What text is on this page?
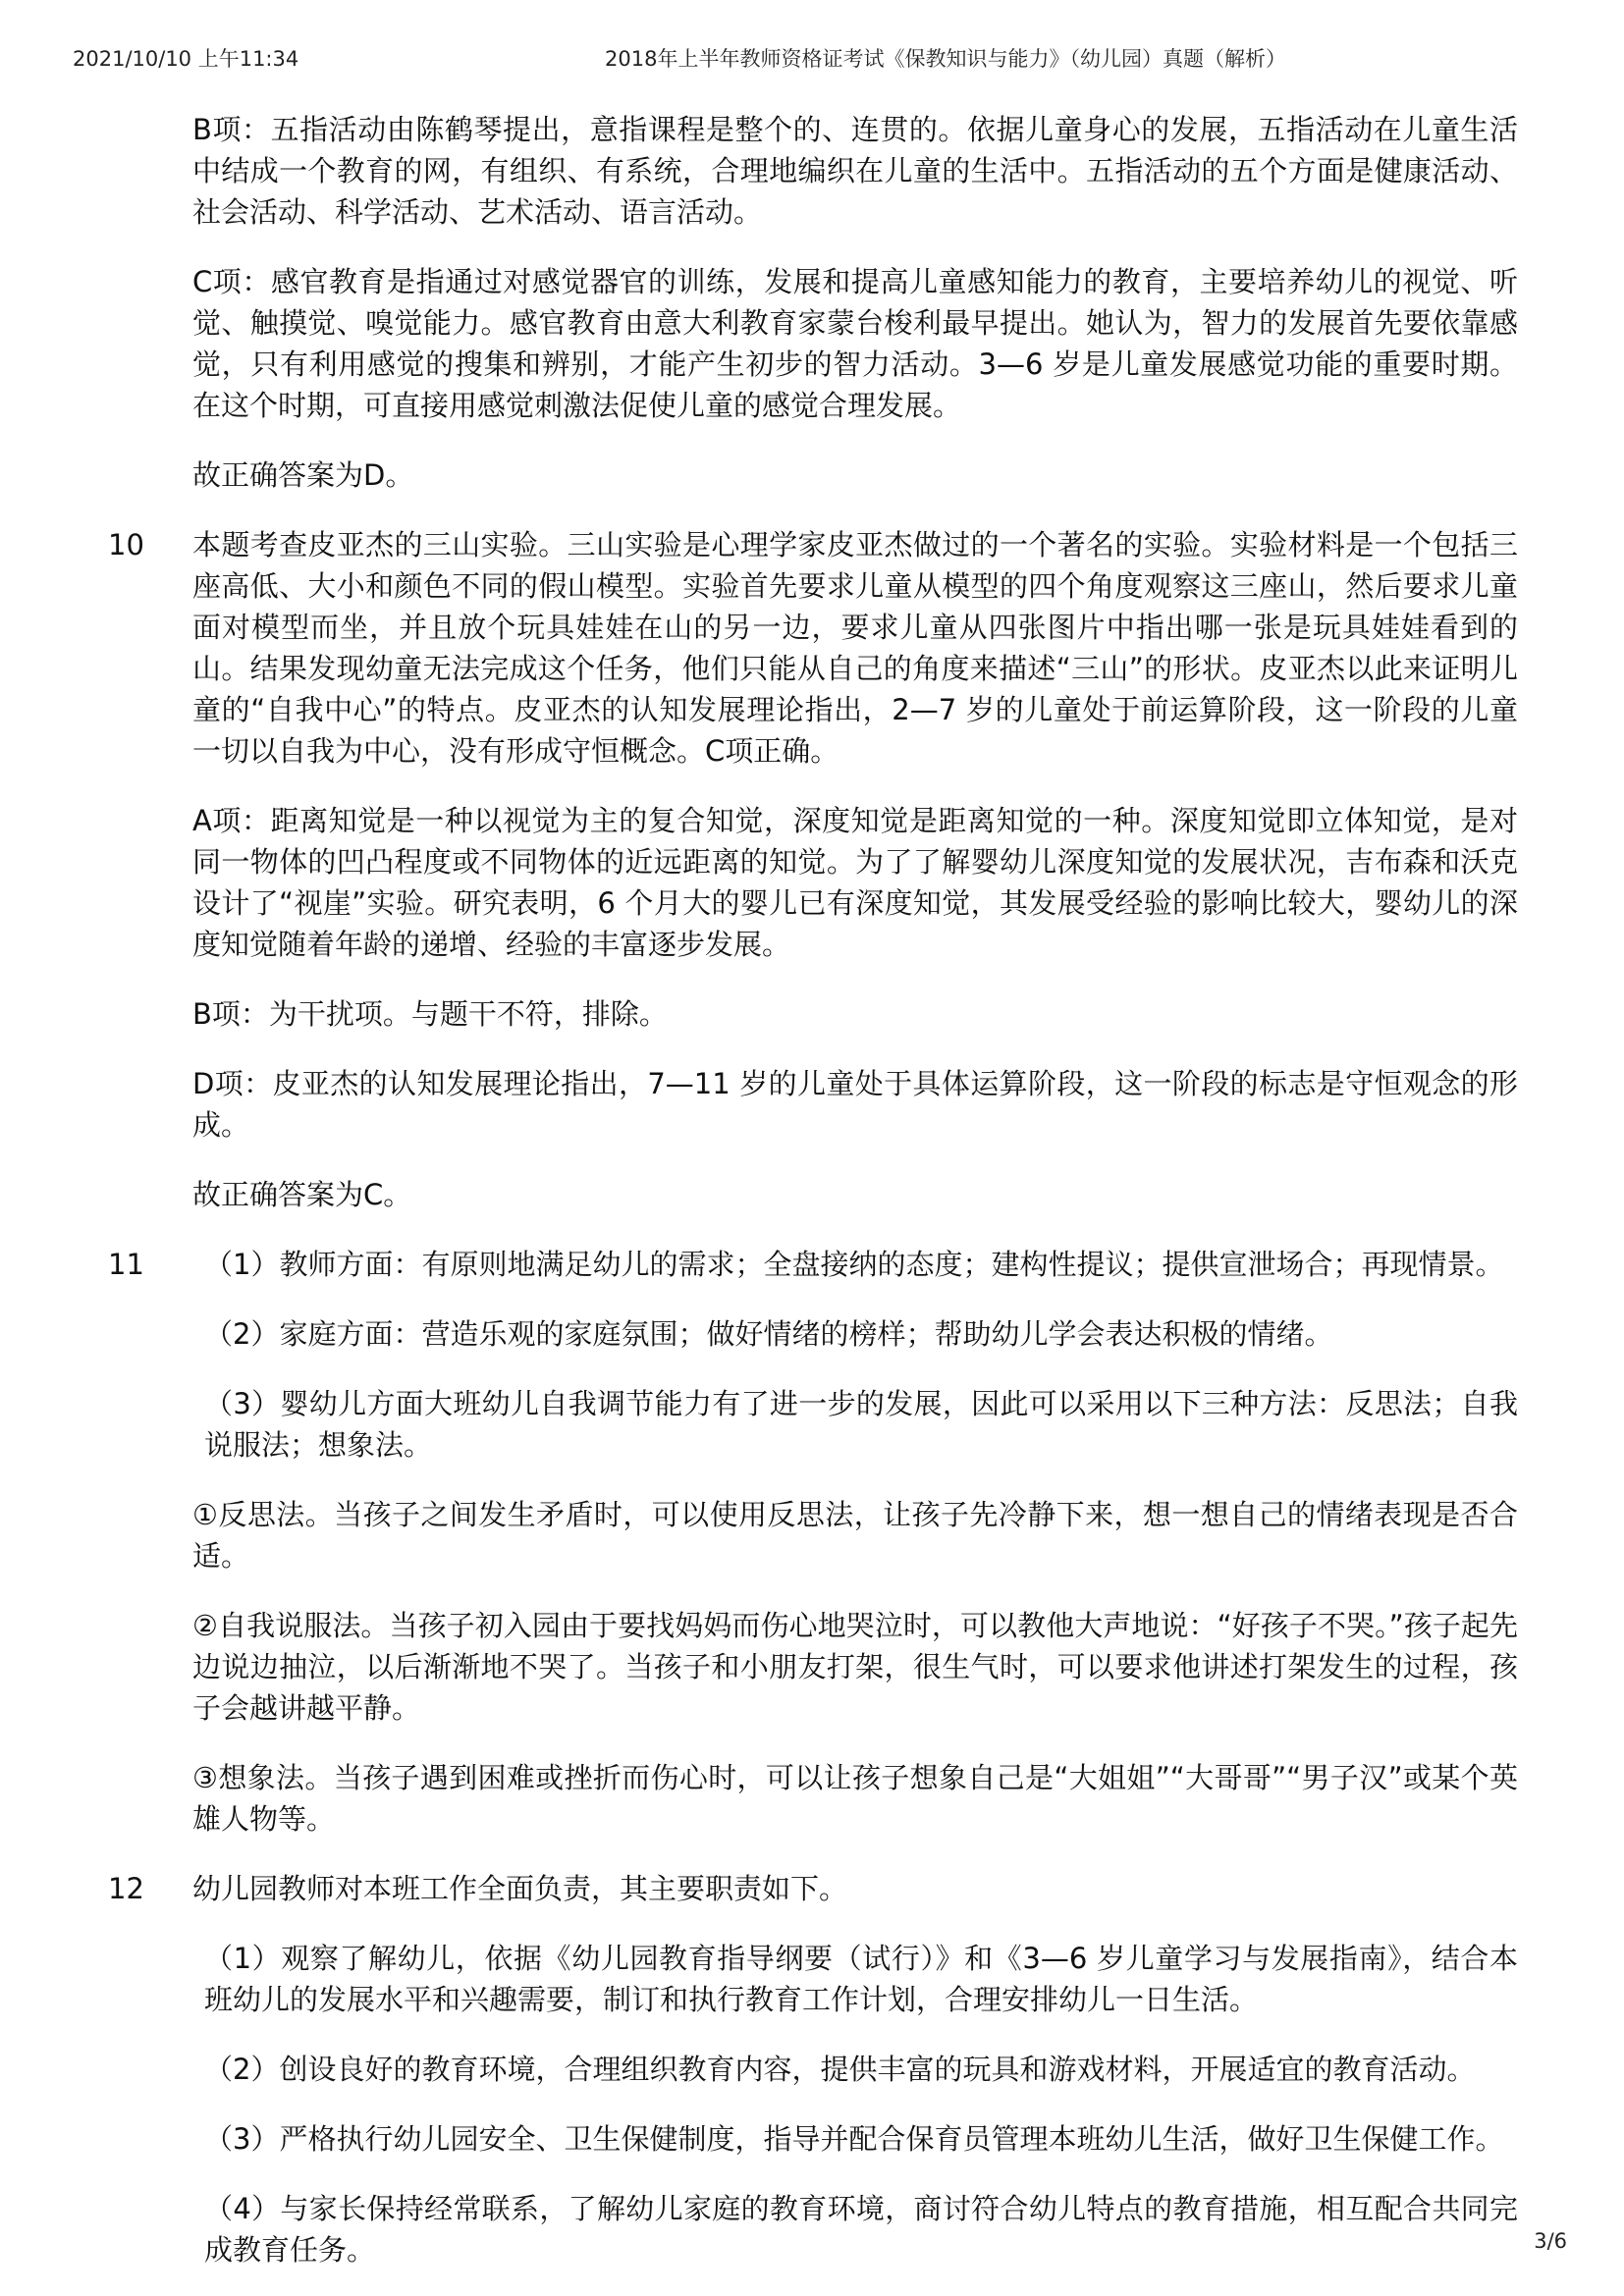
2021/10/10 上午11:34	2018年上半年教师资格证考试《保教知识与能力》（幼儿园）真题（解析）

B项：五指活动由陈鹤琴提出，意指课程是整个的、连贯的。依据儿童身心的发展，五指活动在儿童生活中结成一个教育的网，有组织、有系统，合理地编织在儿童的生活中。五指活动的五个方面是健康活动、社会活动、科学活动、艺术活动、语言活动。

C项：感官教育是指通过对感觉器官的训练，发展和提高儿童感知能力的教育，主要培养幼儿的视觉、听觉、触摸觉、嗅觉能力。感官教育由意大利教育家蒙台梭利最早提出。她认为，智力的发展首先要依靠感觉，只有利用感觉的搜集和辨别，才能产生初步的智力活动。3—6 岁是儿童发展感觉功能的重要时期。在这个时期，可直接用感觉刺激法促使儿童的感觉合理发展。

故正确答案为D。

10 本题考查皮亚杰的三山实验。三山实验是心理学家皮亚杰做过的一个著名的实验。实验材料是一个包括三座高低、大小和颜色不同的假山模型。实验首先要求儿童从模型的四个角度观察这三座山，然后要求儿童面对模型而坐，并且放个玩具娃娃在山的另一边，要求儿童从四张图片中指出哪一张是玩具娃娃看到的山。结果发现幼童无法完成这个任务，他们只能从自己的角度来描述“三山”的形状。皮亚杰以此来证明儿童的“自我中心”的特点。皮亚杰的认知发展理论指出，2—7 岁的儿童处于前运算阶段，这一阶段的儿童一切以自我为中心，没有形成守恒概念。C项正确。

A项：距离知觉是一种以视觉为主的复合知觉，深度知觉是距离知觉的一种。深度知觉即立体知觉，是对同一物体的凹凸程度或不同物体的近远距离的知觉。为了了解婴幼儿深度知觉的发展状况，吉布森和沃克设计了“视崖”实验。研究表明，6 个月大的婴儿已有深度知觉，其发展受经验的影响比较大，婴幼儿的深度知觉随着年龄的递增、经验的丰富逐步发展。

B项：为干扰项。与题干不符，排除。

D项：皮亚杰的认知发展理论指出，7—11 岁的儿童处于具体运算阶段，这一阶段的标志是守恒观念的形成。

故正确答案为C。

11	（1）教师方面：有原则地满足幼儿的需求；全盘接纳的态度；建构性提议；提供宣泄场合；再现情景。

（2）家庭方面：营造乐观的家庭氛围；做好情绪的榜样；帮助幼儿学会表达积极的情绪。

（3）婴幼儿方面大班幼儿自我调节能力有了进一步的发展，因此可以采用以下三种方法：反思法；自我说服法；想象法。

①反思法。当孩子之间发生矛盾时，可以使用反思法，让孩子先冷静下来，想一想自己的情绪表现是否合适。

②自我说服法。当孩子初入园由于要找妈妈而伤心地哭泣时，可以教他大声地说：“好孩子不哭。”孩子起先边说边抽泣，以后渐渐地不哭了。当孩子和小朋友打架，很生气时，可以要求他讲述打架发生的过程，孩子会越讲越平静。

③想象法。当孩子遇到困难或挫折而伤心时，可以让孩子想象自己是“大姐姐”“大哥哥”“男子汉”或某个英雄人物等。

12 幼儿园教师对本班工作全面负责，其主要职责如下。

（1）观察了解幼儿，依据《幼儿园教育指导纲要（试行）》和《3—6 岁儿童学习与发展指南》，结合本班幼儿的发展水平和兴趣需要，制订和执行教育工作计划，合理安排幼儿一日生活。

（2）创设良好的教育环境，合理组织教育内容，提供丰富的玩具和游戏材料，开展适宜的教育活动。

（3）严格执行幼儿园安全、卫生保健制度，指导并配合保育员管理本班幼儿生活，做好卫生保健工作。

（4）与家长保持经常联系，了解幼儿家庭的教育环境，商讨符合幼儿特点的教育措施，相互配合共同完成教育任务。	3/6
